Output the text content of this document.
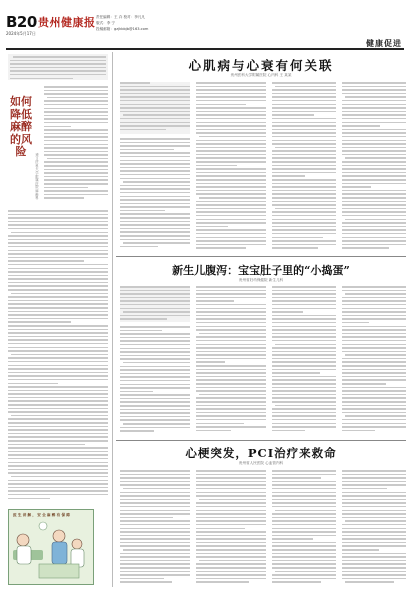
B20 贵州健康报
2024年5月17日
责任编辑：王 卉 校对：李凡凡
版式：李 宁
投稿邮箱：gzjkbbjb@163.com
健康促进
如何降低麻醉的风险	遵义医科大学附属医院 麻醉科
医 生 讲 解 ， 安 全 麻 醉 有 保 障
心肌病与心衰有何关联
贵州医科大学附属医院 心内科 王 某某
新生儿腹泻：宝宝肚子里的“小捣蛋”
贵州省妇幼保健院 新生儿科
心梗突发，PCI治疗来救命
贵州省人民医院 心血管内科
